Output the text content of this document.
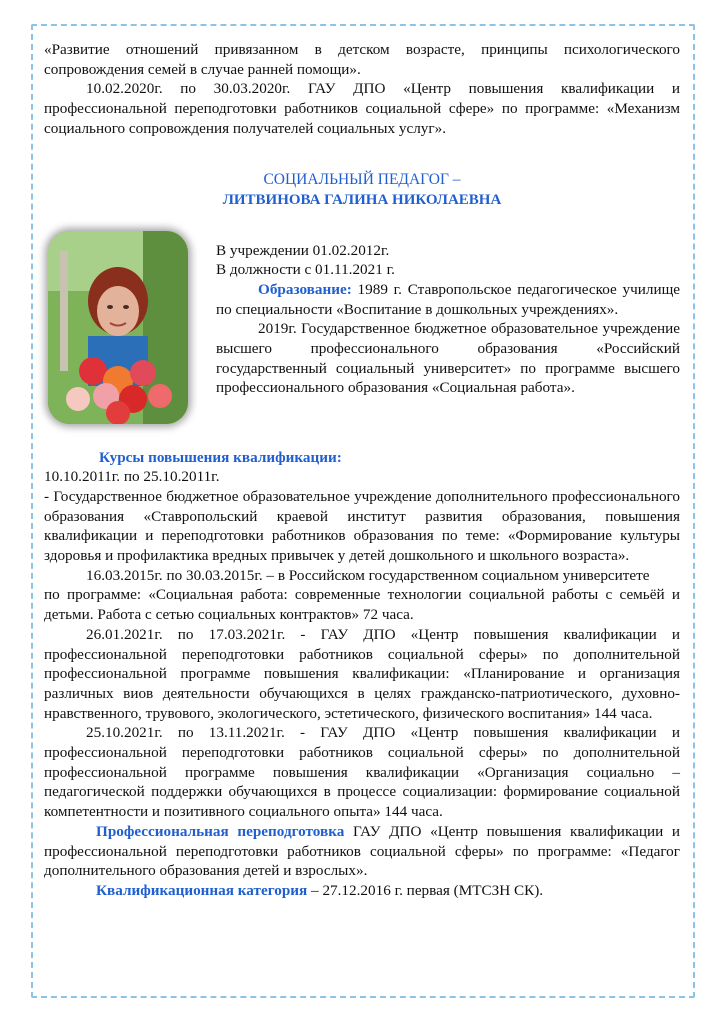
«Развитие отношений привязанном в детском возрасте, принципы психологического сопровождения семей в случае ранней помощи».

10.02.2020г. по 30.03.2020г. ГАУ ДПО «Центр повышения квалификации и профессиональной переподготовки работников социальной сфере» по программе: «Механизм социального сопровождения получателей социальных услуг».

СОЦИАЛЬНЫЙ ПЕДАГОГ –
ЛИТВИНОВА ГАЛИНА НИКОЛАЕВНА

В учреждении 01.02.2012г.

В должности с 01.11.2021 г.

Образование: 1989 г. Ставропольское педагогическое училище по специальности «Воспитание в дошкольных учреждениях».

2019г. Государственное бюджетное образовательное учреждение высшего профессионального образования «Российский государственный социальный университет» по программе высшего профессионального образования «Социальная работа».

Курсы повышения квалификации:

10.10.2011г. по 25.10.2011г.

- Государственное бюджетное образовательное учреждение дополнительного профессионального образования «Ставропольский краевой институт развития образования, повышения квалификации и переподготовки работников образования по теме: «Формирование культуры здоровья и профилактика вредных привычек у детей дошкольного и школьного возраста».

16.03.2015г. по 30.03.2015г. – в Российском государственном социальном университете

по программе: «Социальная работа: современные технологии социальной работы с семьёй и детьми. Работа с сетью социальных контрактов» 72 часа.

26.01.2021г. по 17.03.2021г. - ГАУ ДПО «Центр повышения квалификации и профессиональной переподготовки работников социальной сферы» по дополнительной профессиональной программе повышения квалификации: «Планирование и организация различных виов деятельности обучающихся в целях гражданско-патриотического, духовно-нравственного, трувового, экологического, эстетического, физического воспитания» 144 часа.

25.10.2021г. по 13.11.2021г. - ГАУ ДПО «Центр повышения квалификации и профессиональной переподготовки работников социальной сферы» по дополнительной профессиональной программе повышения квалификации «Организация социально – педагогической поддержки обучающихся в процессе социализации: формирование социальной компетентности и позитивного социального опыта» 144 часа.

Профессиональная переподготовка ГАУ ДПО «Центр повышения квалификации и профессиональной переподготовки работников социальной сферы» по программе: «Педагог дополнительного образования детей и взрослых».

Квалификационная категория – 27.12.2016 г. первая (МТСЗН СК).
